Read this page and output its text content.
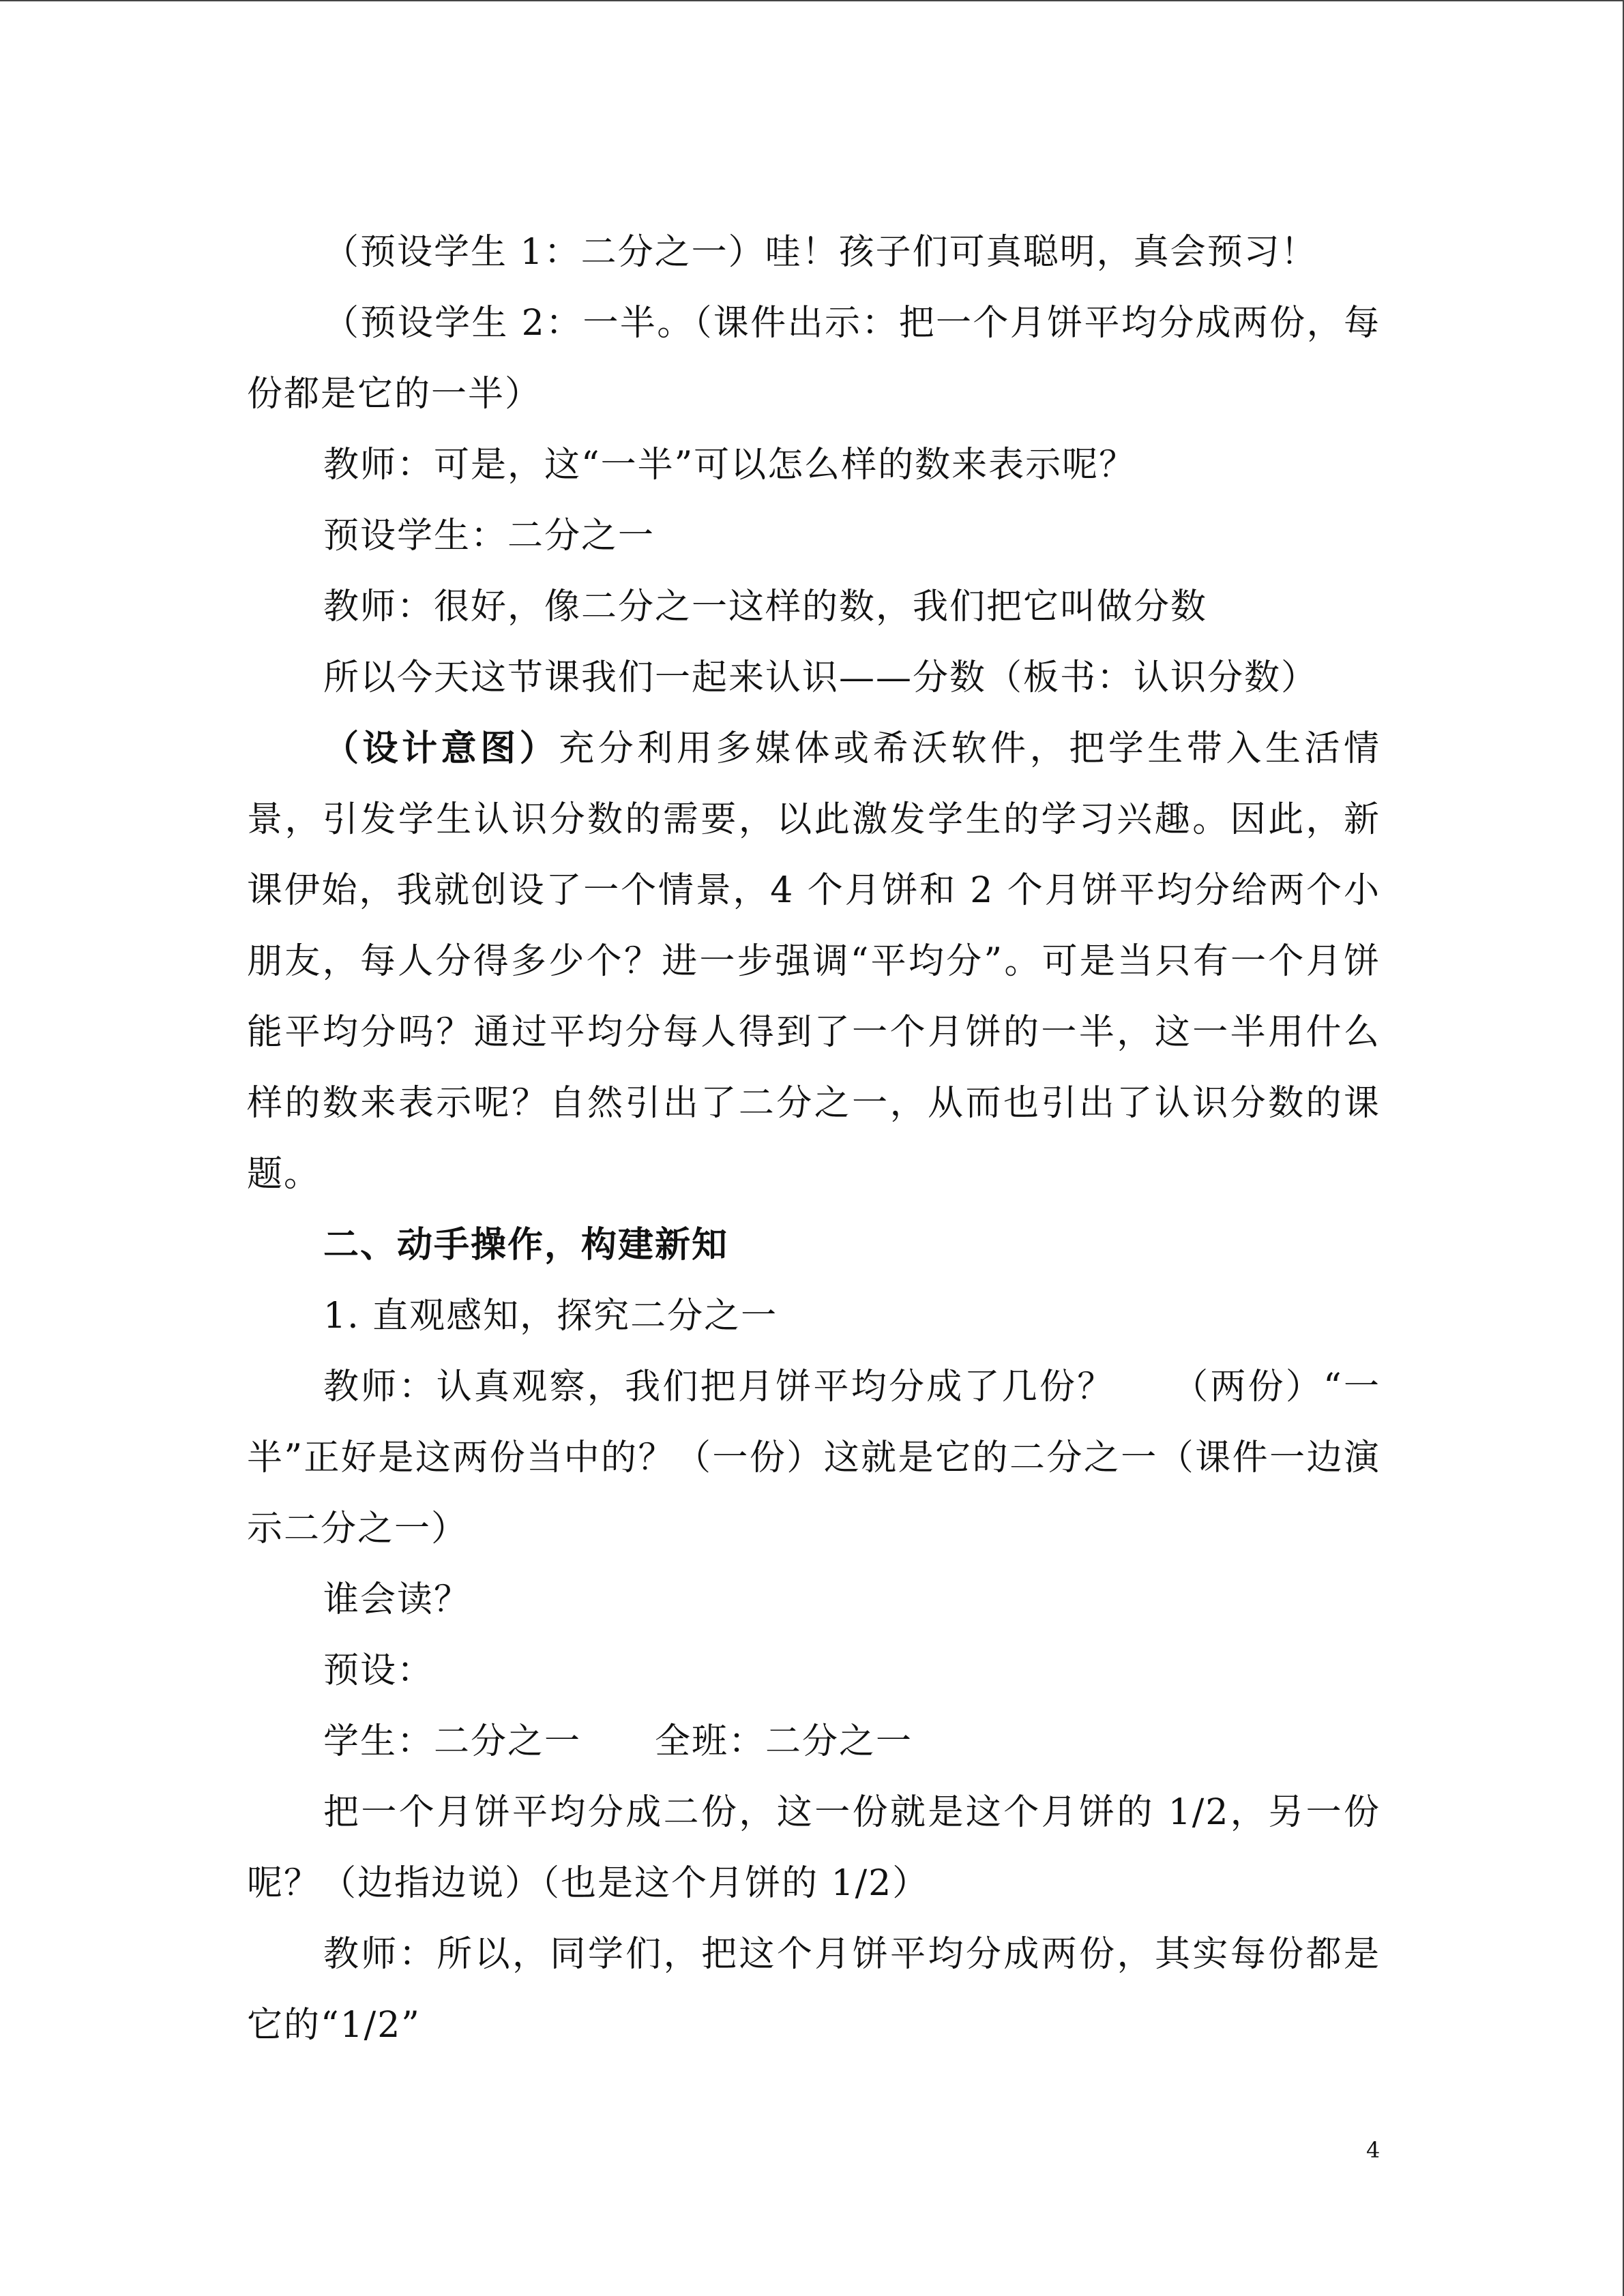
（预设学生 1：二分之一）哇！孩子们可真聪明，真会预习！

（预设学生 2：一半。（课件出示：把一个月饼平均分成两份，每份都是它的一半）

教师：可是，这“一半”可以怎么样的数来表示呢？

预设学生：二分之一

教师：很好，像二分之一这样的数，我们把它叫做分数

所以今天这节课我们一起来认识——分数（板书：认识分数）

（设计意图）充分利用多媒体或希沃软件，把学生带入生活情景，引发学生认识分数的需要，以此激发学生的学习兴趣。因此，新课伊始，我就创设了一个情景，4 个月饼和 2 个月饼平均分给两个小朋友，每人分得多少个？进一步强调“平均分”。可是当只有一个月饼能平均分吗？通过平均分每人得到了一个月饼的一半，这一半用什么样的数来表示呢？自然引出了二分之一，从而也引出了认识分数的课题。

二、动手操作，构建新知

1. 直观感知，探究二分之一

教师：认真观察，我们把月饼平均分成了几份？　　（两份）“一半”正好是这两份当中的？（一份）这就是它的二分之一（课件一边演示二分之一）

谁会读？

预设：

学生：二分之一　　全班：二分之一

把一个月饼平均分成二份，这一份就是这个月饼的 1/2，另一份呢？（边指边说）（也是这个月饼的 1/2）

教师：所以，同学们，把这个月饼平均分成两份，其实每份都是它的“1/2”

4
